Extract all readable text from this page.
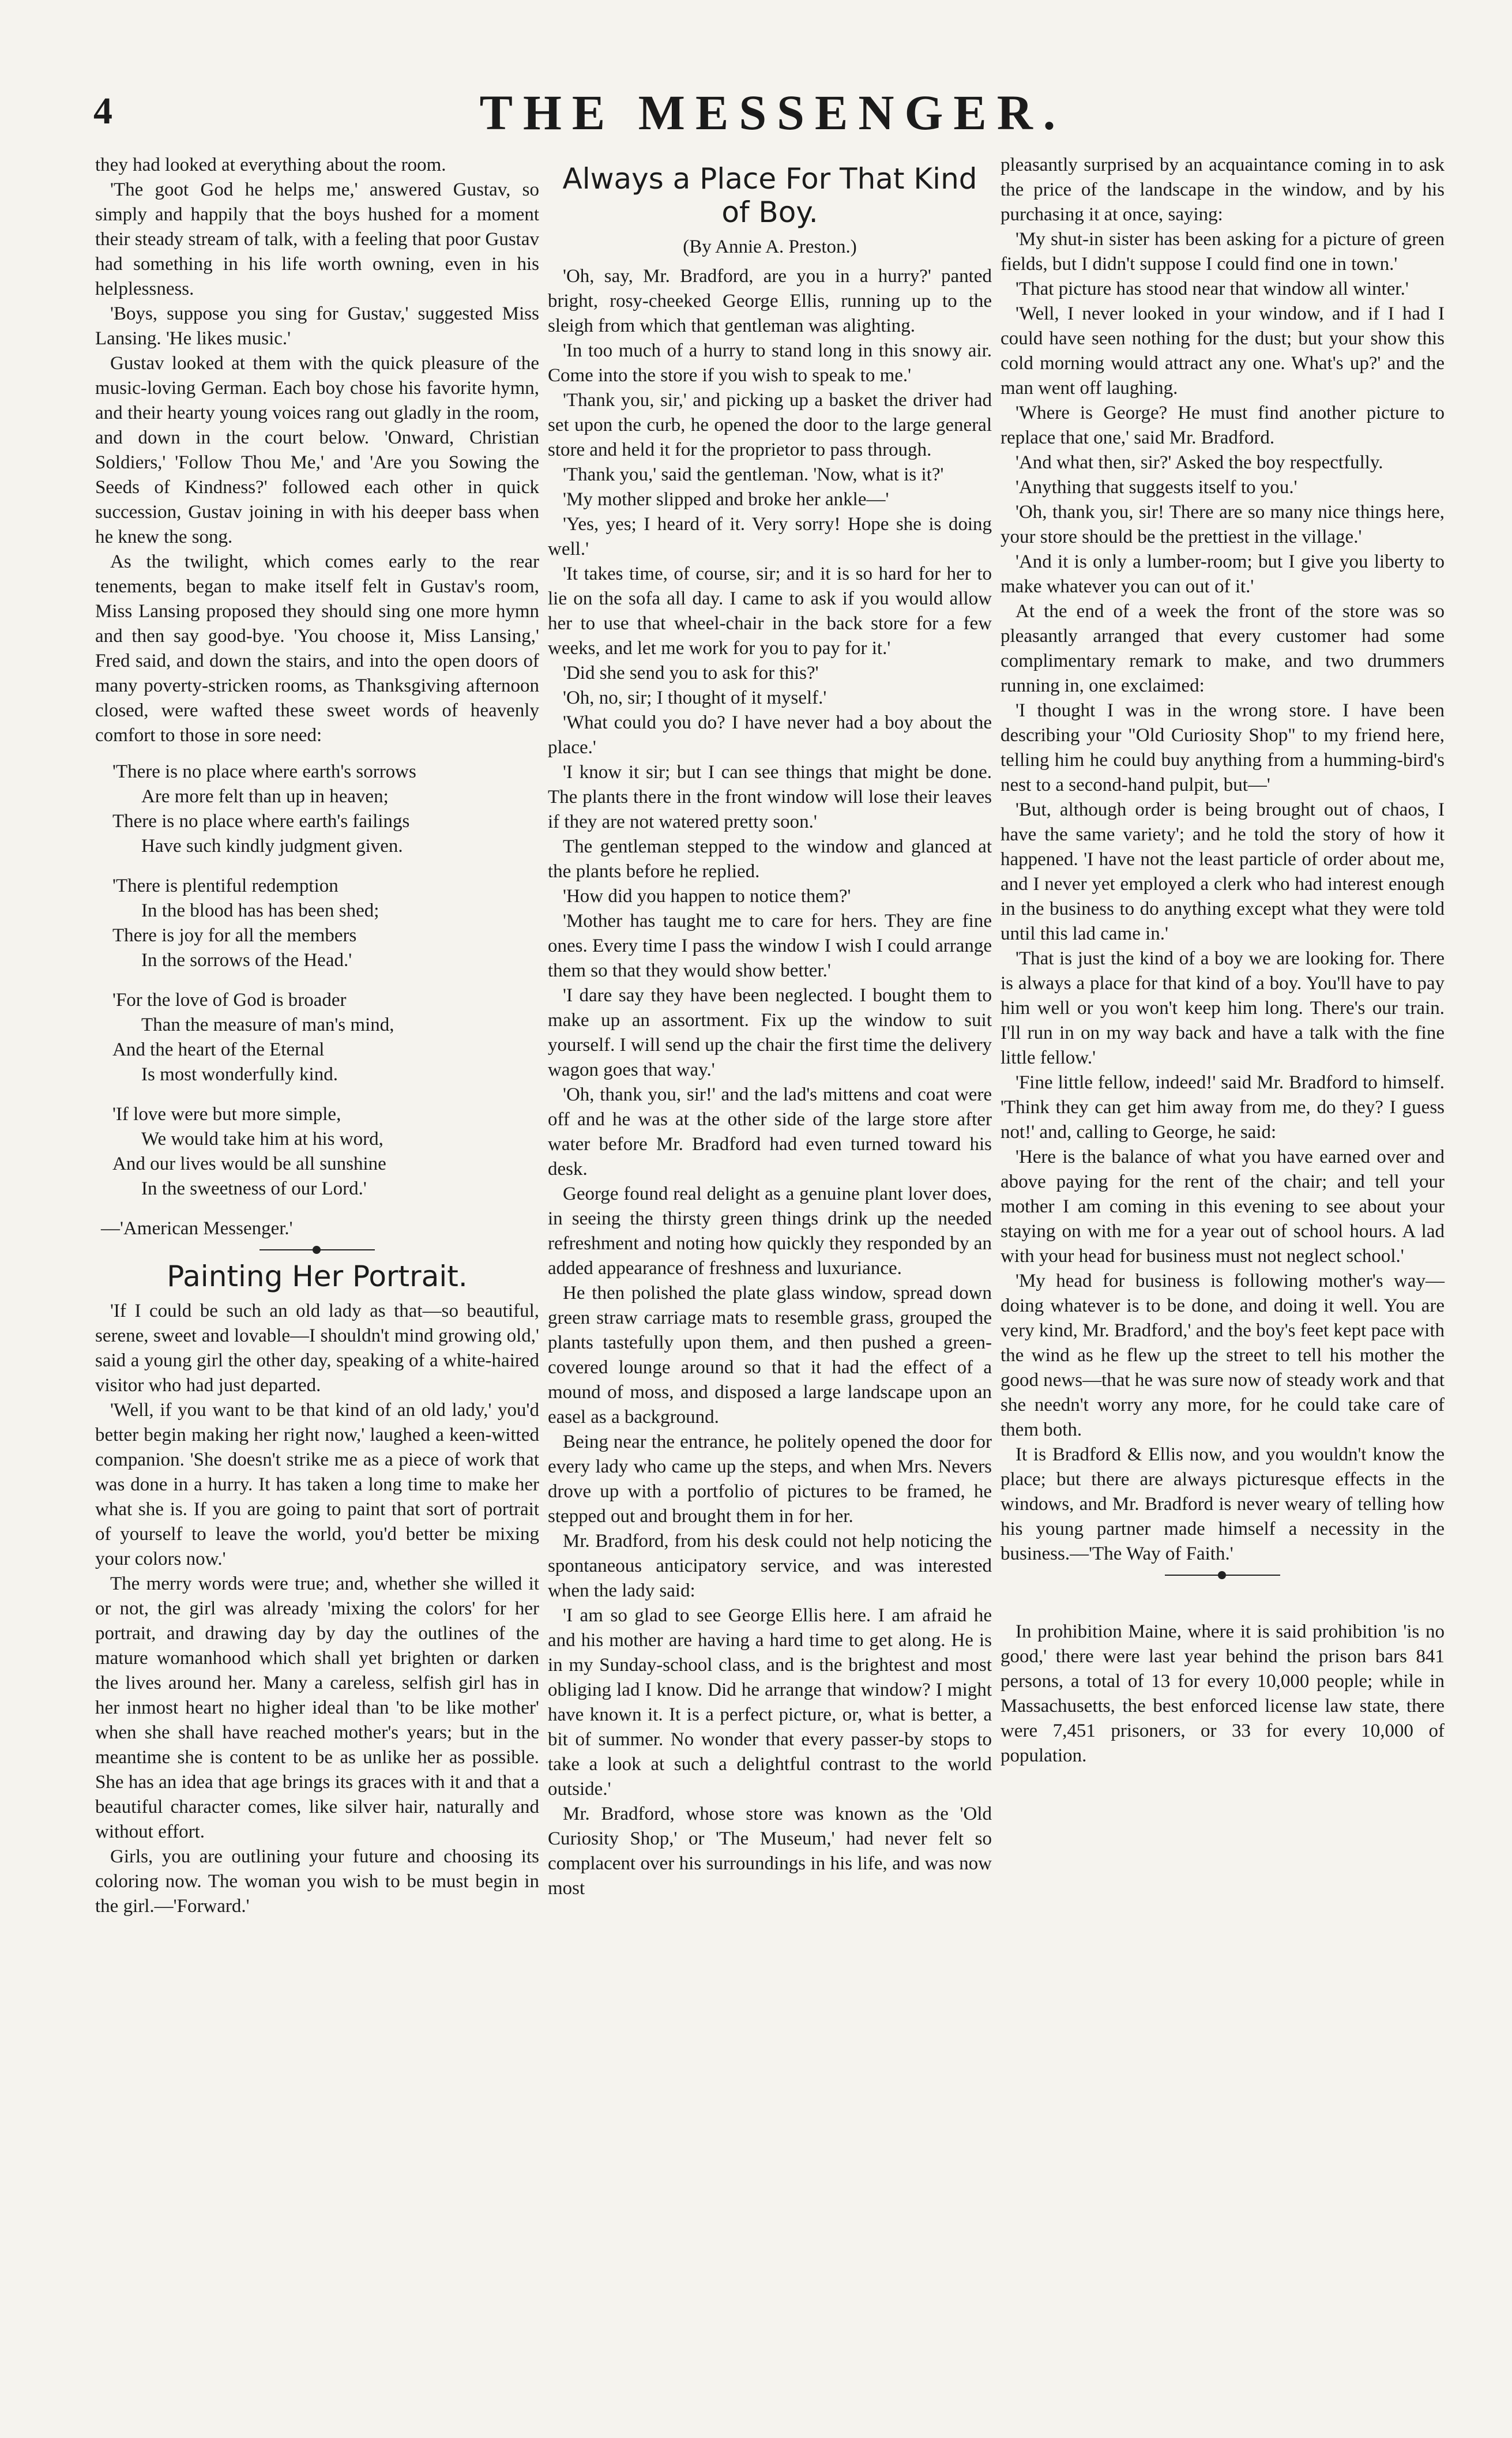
4	THE MESSENGER.

they had looked at everything about the room.

'The goot God he helps me,' answered Gustav, so simply and happily that the boys hushed for a moment their steady stream of talk, with a feeling that poor Gustav had something in his life worth owning, even in his helplessness.

'Boys, suppose you sing for Gustav,' suggested Miss Lansing. 'He likes music.'

Gustav looked at them with the quick pleasure of the music-loving German. Each boy chose his favorite hymn, and their hearty young voices rang out gladly in the room, and down in the court below. 'Onward, Christian Soldiers,' 'Follow Thou Me,' and 'Are you Sowing the Seeds of Kindness?' followed each other in quick succession, Gustav joining in with his deeper bass when he knew the song.

As the twilight, which comes early to the rear tenements, began to make itself felt in Gustav's room, Miss Lansing proposed they should sing one more hymn and then say good-bye. 'You choose it, Miss Lansing,' Fred said, and down the stairs, and into the open doors of many poverty-stricken rooms, as Thanksgiving afternoon closed, were wafted these sweet words of heavenly comfort to those in sore need:

'There is no place where earth's sorrows
Are more felt than up in heaven;
There is no place where earth's failings
Have such kindly judgment given.
'There is plentiful redemption
In the blood has has been shed;
There is joy for all the members
In the sorrows of the Head.'
'For the love of God is broader
Than the measure of man's mind,
And the heart of the Eternal
Is most wonderfully kind.
'If love were but more simple,
We would take him at his word,
And our lives would be all sunshine
In the sweetness of our Lord.'
—'American Messenger.'
Painting Her Portrait.

'If I could be such an old lady as that—so beautiful, serene, sweet and lovable—I shouldn't mind growing old,' said a young girl the other day, speaking of a white-haired visitor who had just departed.

'Well, if you want to be that kind of an old lady,' you'd better begin making her right now,' laughed a keen-witted companion. 'She doesn't strike me as a piece of work that was done in a hurry. It has taken a long time to make her what she is. If you are going to paint that sort of portrait of yourself to leave the world, you'd better be mixing your colors now.'

The merry words were true; and, whether she willed it or not, the girl was already 'mixing the colors' for her portrait, and drawing day by day the outlines of the mature womanhood which shall yet brighten or darken the lives around her. Many a careless, selfish girl has in her inmost heart no higher ideal than 'to be like mother' when she shall have reached mother's years; but in the meantime she is content to be as unlike her as possible. She has an idea that age brings its graces with it and that a beautiful character comes, like silver hair, naturally and without effort.

Girls, you are outlining your future and choosing its coloring now. The woman you wish to be must begin in the girl.—'Forward.'

Always a Place For That Kind of Boy.
(By Annie A. Preston.)

'Oh, say, Mr. Bradford, are you in a hurry?' panted bright, rosy-cheeked George Ellis, running up to the sleigh from which that gentleman was alighting.

'In too much of a hurry to stand long in this snowy air. Come into the store if you wish to speak to me.'

'Thank you, sir,' and picking up a basket the driver had set upon the curb, he opened the door to the large general store and held it for the proprietor to pass through.

'Thank you,' said the gentleman. 'Now, what is it?'

'My mother slipped and broke her ankle—'

'Yes, yes; I heard of it. Very sorry! Hope she is doing well.'

'It takes time, of course, sir; and it is so hard for her to lie on the sofa all day. I came to ask if you would allow her to use that wheel-chair in the back store for a few weeks, and let me work for you to pay for it.'

'Did she send you to ask for this?'

'Oh, no, sir; I thought of it myself.'

'What could you do? I have never had a boy about the place.'

'I know it sir; but I can see things that might be done. The plants there in the front window will lose their leaves if they are not watered pretty soon.'

The gentleman stepped to the window and glanced at the plants before he replied.

'How did you happen to notice them?'

'Mother has taught me to care for hers. They are fine ones. Every time I pass the window I wish I could arrange them so that they would show better.'

'I dare say they have been neglected. I bought them to make up an assortment. Fix up the window to suit yourself. I will send up the chair the first time the delivery wagon goes that way.'

'Oh, thank you, sir!' and the lad's mittens and coat were off and he was at the other side of the large store after water before Mr. Bradford had even turned toward his desk.

George found real delight as a genuine plant lover does, in seeing the thirsty green things drink up the needed refreshment and noting how quickly they responded by an added appearance of freshness and luxuriance.

He then polished the plate glass window, spread down green straw carriage mats to resemble grass, grouped the plants tastefully upon them, and then pushed a green-covered lounge around so that it had the effect of a mound of moss, and disposed a large landscape upon an easel as a background.

Being near the entrance, he politely opened the door for every lady who came up the steps, and when Mrs. Nevers drove up with a portfolio of pictures to be framed, he stepped out and brought them in for her.

Mr. Bradford, from his desk could not help noticing the spontaneous anticipatory service, and was interested when the lady said:

'I am so glad to see George Ellis here. I am afraid he and his mother are having a hard time to get along. He is in my Sunday-school class, and is the brightest and most obliging lad I know. Did he arrange that window? I might have known it. It is a perfect picture, or, what is better, a bit of summer. No wonder that every passer-by stops to take a look at such a delightful contrast to the world outside.'

Mr. Bradford, whose store was known as the 'Old Curiosity Shop,' or 'The Museum,' had never felt so complacent over his surroundings in his life, and was now most

pleasantly surprised by an acquaintance coming in to ask the price of the landscape in the window, and by his purchasing it at once, saying:

'My shut-in sister has been asking for a picture of green fields, but I didn't suppose I could find one in town.'

'That picture has stood near that window all winter.'

'Well, I never looked in your window, and if I had I could have seen nothing for the dust; but your show this cold morning would attract any one. What's up?' and the man went off laughing.

'Where is George? He must find another picture to replace that one,' said Mr. Bradford.

'And what then, sir?' Asked the boy respectfully.

'Anything that suggests itself to you.'

'Oh, thank you, sir! There are so many nice things here, your store should be the prettiest in the village.'

'And it is only a lumber-room; but I give you liberty to make whatever you can out of it.'

At the end of a week the front of the store was so pleasantly arranged that every customer had some complimentary remark to make, and two drummers running in, one exclaimed:

'I thought I was in the wrong store. I have been describing your "Old Curiosity Shop" to my friend here, telling him he could buy anything from a humming-bird's nest to a second-hand pulpit, but—'

'But, although order is being brought out of chaos, I have the same variety'; and he told the story of how it happened. 'I have not the least particle of order about me, and I never yet employed a clerk who had interest enough in the business to do anything except what they were told until this lad came in.'

'That is just the kind of a boy we are looking for. There is always a place for that kind of a boy. You'll have to pay him well or you won't keep him long. There's our train. I'll run in on my way back and have a talk with the fine little fellow.'

'Fine little fellow, indeed!' said Mr. Bradford to himself. 'Think they can get him away from me, do they? I guess not!' and, calling to George, he said:

'Here is the balance of what you have earned over and above paying for the rent of the chair; and tell your mother I am coming in this evening to see about your staying on with me for a year out of school hours. A lad with your head for business must not neglect school.'

'My head for business is following mother's way—doing whatever is to be done, and doing it well. You are very kind, Mr. Bradford,' and the boy's feet kept pace with the wind as he flew up the street to tell his mother the good news—that he was sure now of steady work and that she needn't worry any more, for he could take care of them both.

It is Bradford & Ellis now, and you wouldn't know the place; but there are always picturesque effects in the windows, and Mr. Bradford is never weary of telling how his young partner made himself a necessity in the business.—'The Way of Faith.'

In prohibition Maine, where it is said prohibition 'is no good,' there were last year behind the prison bars 841 persons, a total of 13 for every 10,000 people; while in Massachusetts, the best enforced license law state, there were 7,451 prisoners, or 33 for every 10,000 of population.
